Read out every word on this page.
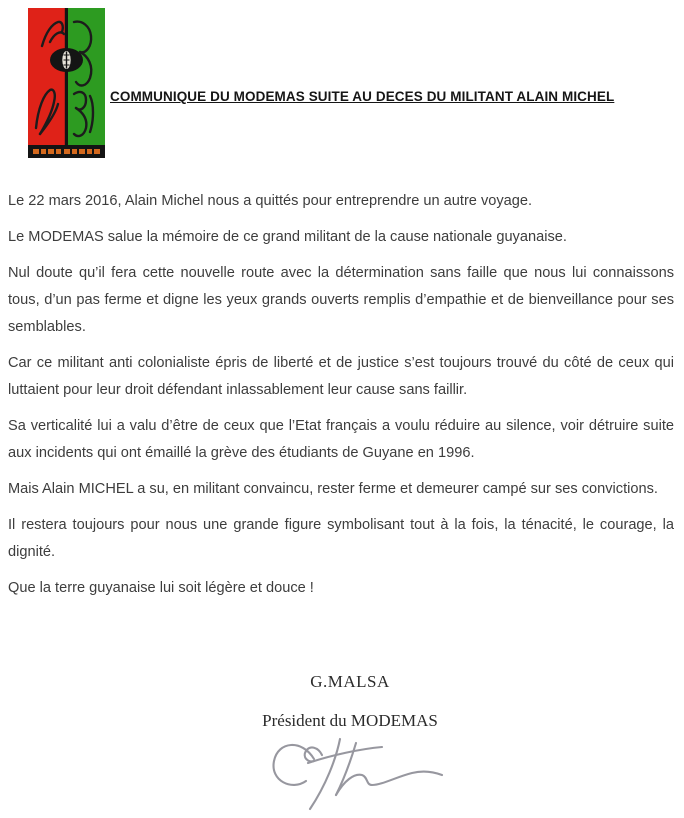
COMMUNIQUE DU MODEMAS SUITE AU DECES DU MILITANT ALAIN MICHEL

Le 22 mars 2016, Alain Michel nous a quittés pour entreprendre un autre voyage.

Le MODEMAS salue la mémoire de ce grand militant de la cause nationale guyanaise.

Nul doute qu’il fera cette nouvelle route avec la détermination sans faille que nous lui connaissons tous, d’un pas ferme et digne les yeux grands ouverts remplis d’empathie et de bienveillance pour ses semblables.

Car ce militant anti colonialiste épris de liberté et de justice s’est toujours trouvé du côté de ceux qui luttaient pour leur droit défendant inlassablement leur cause sans faillir.

Sa verticalité lui a valu d’être de ceux que l’Etat français a voulu réduire au silence, voir détruire suite aux incidents qui ont émaillé la grève des étudiants de Guyane en 1996.

Mais Alain MICHEL a su, en militant convaincu, rester ferme et demeurer campé sur ses convictions.

Il restera toujours pour nous une grande figure symbolisant tout à la fois, la ténacité, le courage, la dignité.

Que la terre guyanaise lui soit légère et douce !

G.MALSA

Président du MODEMAS
